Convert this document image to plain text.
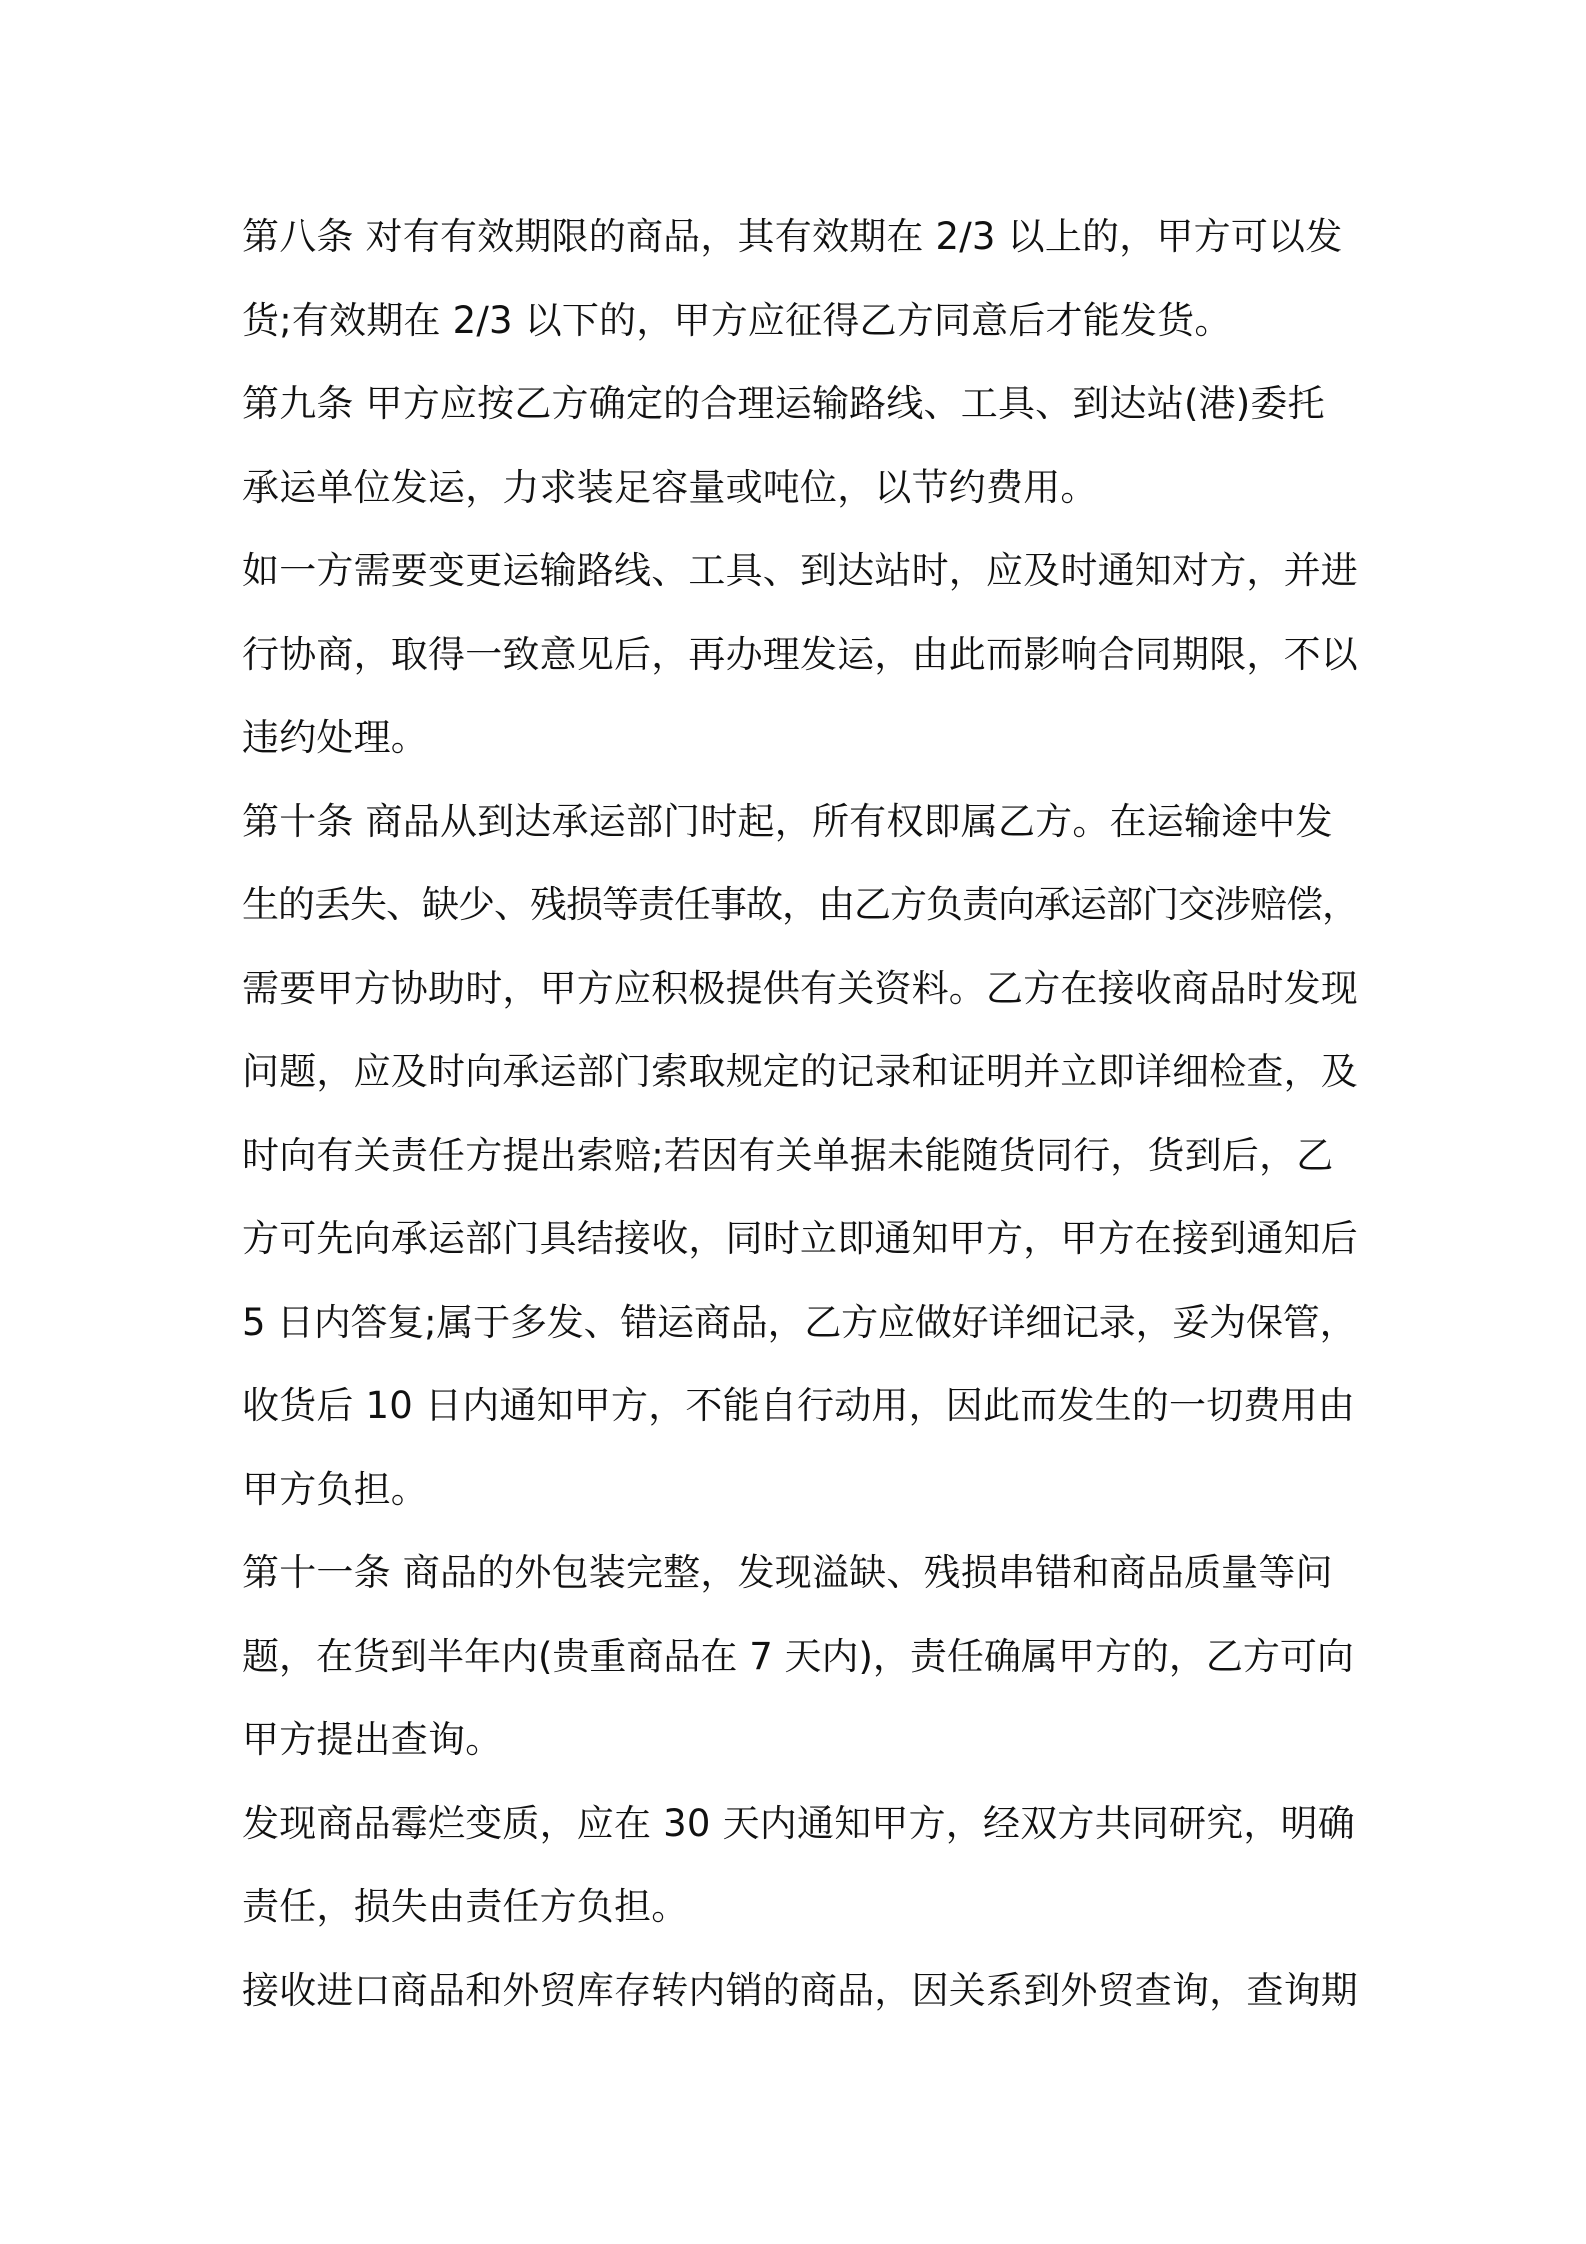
第八条 对有有效期限的商品，其有效期在 2/3 以上的，甲方可以发
货;有效期在 2/3 以下的，甲方应征得乙方同意后才能发货。
第九条 甲方应按乙方确定的合理运输路线、工具、到达站(港)委托
承运单位发运，力求装足容量或吨位，以节约费用。
如一方需要变更运输路线、工具、到达站时，应及时通知对方，并进
行协商，取得一致意见后，再办理发运，由此而影响合同期限，不以
违约处理。
第十条 商品从到达承运部门时起，所有权即属乙方。在运输途中发
生的丢失、缺少、残损等责任事故，由乙方负责向承运部门交涉赔偿，
需要甲方协助时，甲方应积极提供有关资料。乙方在接收商品时发现
问题，应及时向承运部门索取规定的记录和证明并立即详细检查，及
时向有关责任方提出索赔;若因有关单据未能随货同行，货到后，乙
方可先向承运部门具结接收，同时立即通知甲方，甲方在接到通知后
5 日内答复;属于多发、错运商品，乙方应做好详细记录，妥为保管，
收货后 10 日内通知甲方，不能自行动用，因此而发生的一切费用由
甲方负担。
第十一条 商品的外包装完整，发现溢缺、残损串错和商品质量等问
题，在货到半年内(贵重商品在 7 天内)，责任确属甲方的，乙方可向
甲方提出查询。
发现商品霉烂变质，应在 30 天内通知甲方，经双方共同研究，明确
责任，损失由责任方负担。
接收进口商品和外贸库存转内销的商品，因关系到外贸查询，查询期
